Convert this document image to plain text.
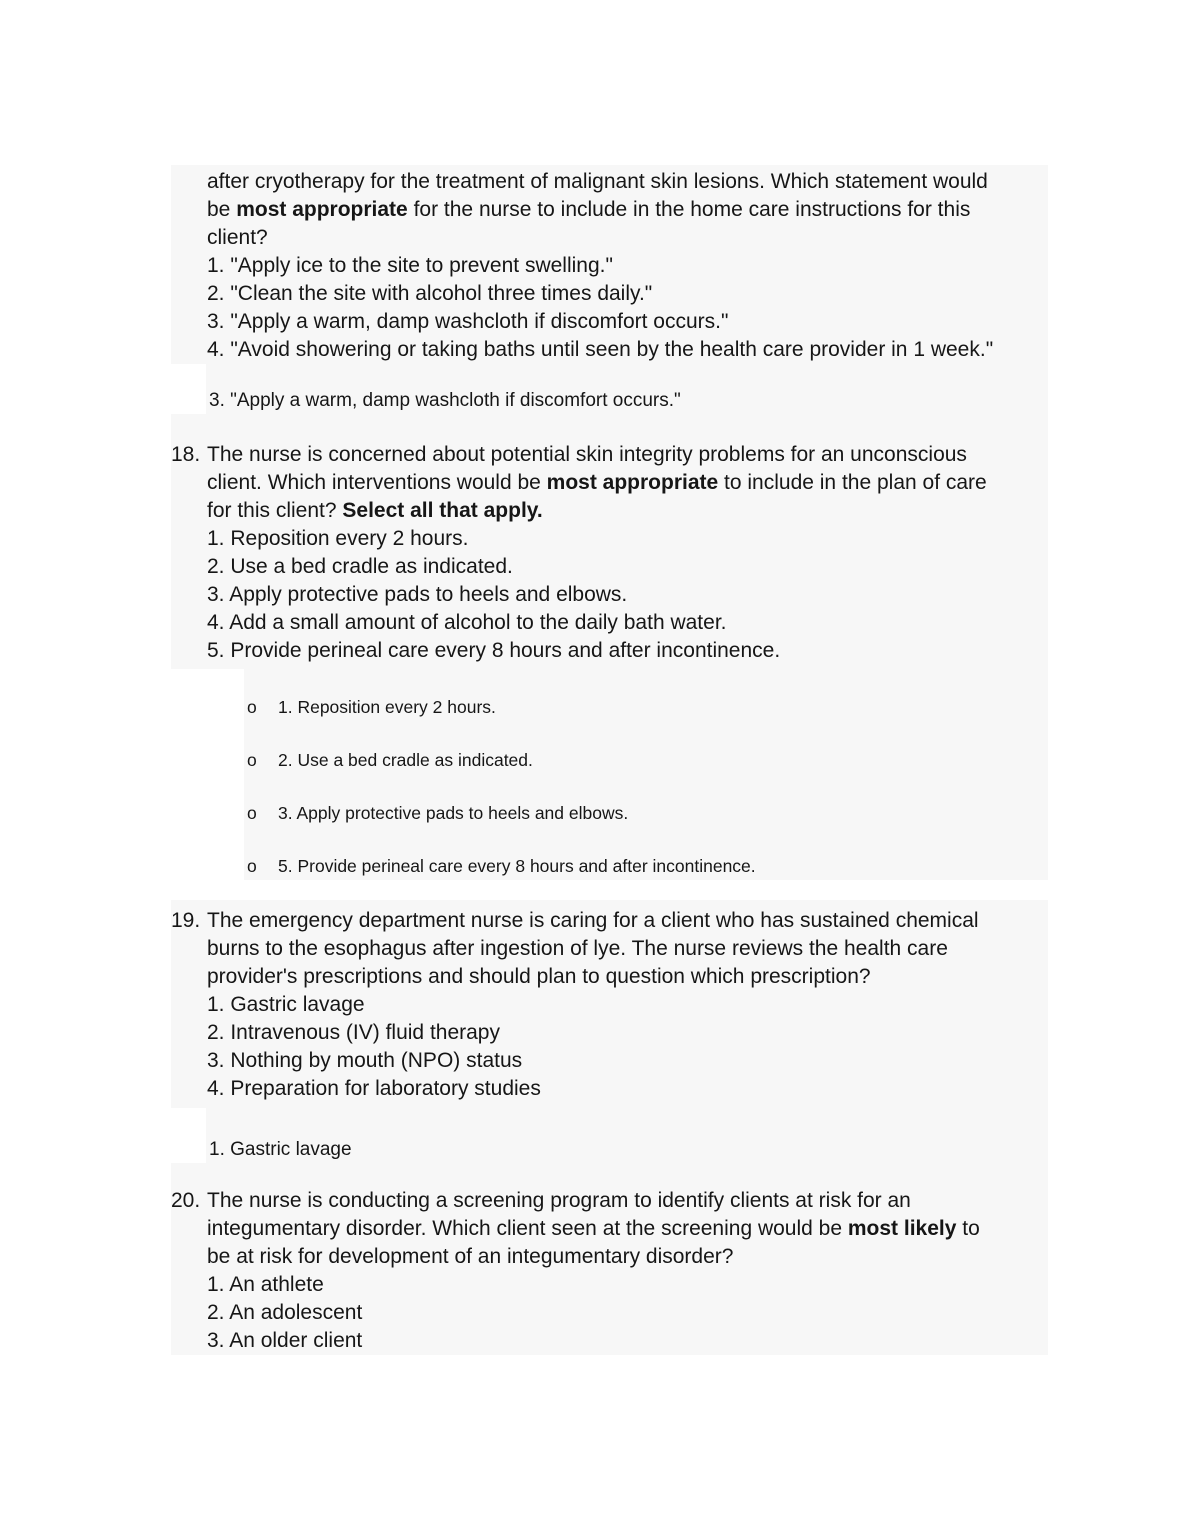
after cryotherapy for the treatment of malignant skin lesions. Which statement would
be most appropriate for the nurse to include in the home care instructions for this
client?
1. "Apply ice to the site to prevent swelling."
2. "Clean the site with alcohol three times daily."
3. "Apply a warm, damp washcloth if discomfort occurs."
4. "Avoid showering or taking baths until seen by the health care provider in 1 week."
3. "Apply a warm, damp washcloth if discomfort occurs."
18. The nurse is concerned about potential skin integrity problems for an unconscious
client. Which interventions would be most appropriate to include in the plan of care
for this client? Select all that apply.
1. Reposition every 2 hours.
2. Use a bed cradle as indicated.
3. Apply protective pads to heels and elbows.
4. Add a small amount of alcohol to the daily bath water.
5. Provide perineal care every 8 hours and after incontinence.
o	1. Reposition every 2 hours.
o	2. Use a bed cradle as indicated.
o	3. Apply protective pads to heels and elbows.
o	5. Provide perineal care every 8 hours and after incontinence.
19. The emergency department nurse is caring for a client who has sustained chemical
burns to the esophagus after ingestion of lye. The nurse reviews the health care
provider's prescriptions and should plan to question which prescription?
1. Gastric lavage
2. Intravenous (IV) fluid therapy
3. Nothing by mouth (NPO) status
4. Preparation for laboratory studies
1. Gastric lavage
20. The nurse is conducting a screening program to identify clients at risk for an
integumentary disorder. Which client seen at the screening would be most likely to
be at risk for development of an integumentary disorder?
1. An athlete
2. An adolescent
3. An older client
